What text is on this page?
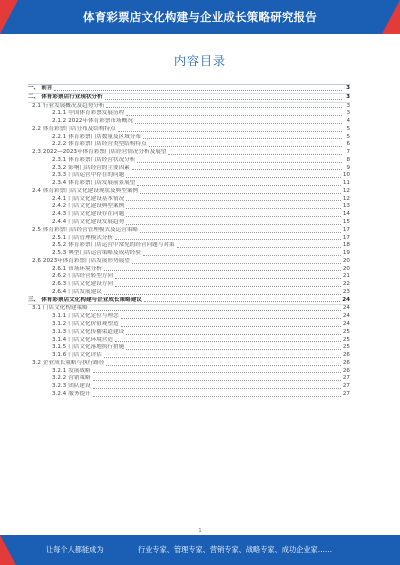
体育彩票店文化构建与企业成长策略研究报告
内容目录
一、 前言	3
二、 体育彩票店行业现状分析	3
2.1 行业发展概况及趋势分析	3
2.1.1 中国体育彩票发展历程	3
2.1.2 2022年体育彩票市场概况	4
2.2 体育彩票门店分布及结构特点	5
2.2.1 体育彩票门店数量及区域分布	5
2.2.2 体育彩票门店经营类型结构特点	6
2.3 2022—2023年体育彩票门店经营情况分析及展望	7
2.3.1 体育彩票门店经营状况分析	8
2.3.2 影响门店经营的主要因素	9
2.3.3 门店运营中存在的问题	10
2.3.4 体育彩票门店发展前景展望	11
2.4 体育彩票门店文化建设现状及典型案例	12
2.4.1 门店文化建设基本情况	12
2.4.2 门店文化建设典型案例	13
2.4.3 门店文化建设存在问题	14
2.4.4 门店文化建设发展趋势	15
2.5 体育彩票门店经营管理模式及运营策略	17
2.5.1 门店管理模式分析	17
2.5.2 体育彩票门店运营中常见的经营问题与对策	18
2.5.3 典型门店运营策略及成功经验	19
2.6 2023年体育彩票门店发展形势展望	20
2.6.1 市场环境分析	20
2.6.2 门店经营转型方向	21
2.6.3 门店文化建设方向	22
2.6.4 门店发展建议	23
三、 体育彩票店文化构建与企业成长策略建议	24
3.1 门店文化构建策略	24
3.1.1 门店文化定位与理念	24
3.1.2 门店文化价值观塑造	24
3.1.3 门店文化传播渠道建设	25
3.1.4 门店文化环境营造	25
3.1.5 门店文化落地执行措施	25
3.1.6 门店文化评估	26
3.2 企业成长策略与执行路径	26
3.2.1 发展战略	26
3.2.2 营销策略	27
3.2.3 团队建设	27
3.2.4 服务提升	27
1
让每个人都能成为	行业专家、管理专家、营销专家、战略专家、成功企业家……
